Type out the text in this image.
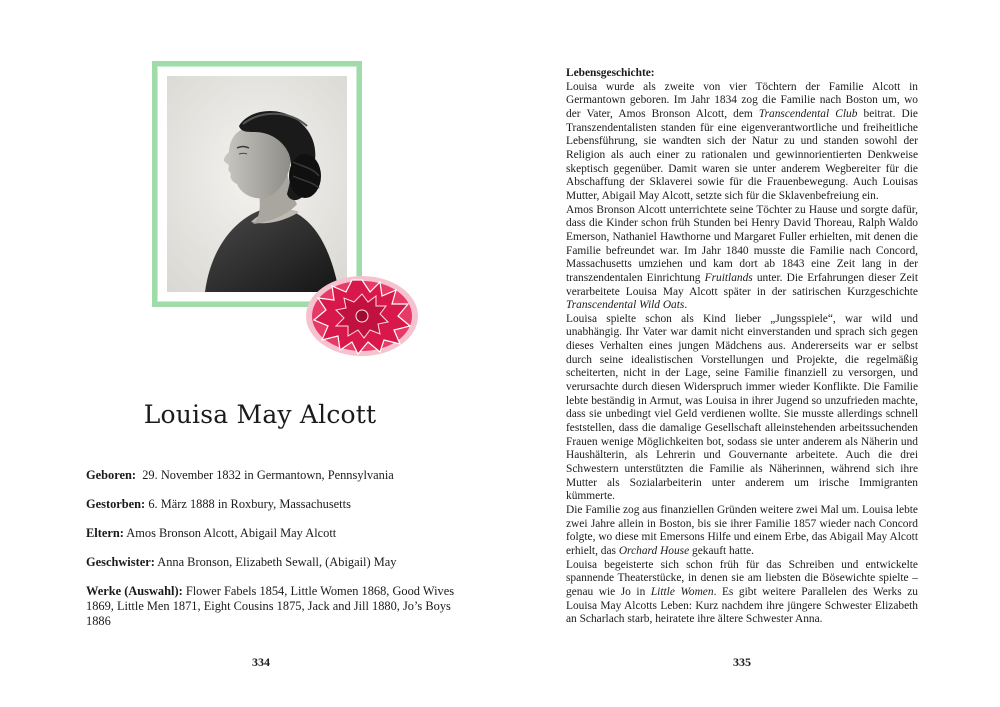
Louisa May Alcott

Geboren: 29. November 1832 in Germantown, Pennsylvania

Gestorben: 6. März 1888 in Roxbury, Massachusetts

Eltern: Amos Bronson Alcott, Abigail May Alcott

Geschwister: Anna Bronson, Elizabeth Sewall, (Abigail) May

Werke (Auswahl): Flower Fabels 1854, Little Women 1868, Good Wives 1869, Little Men 1871, Eight Cousins 1875, Jack and Jill 1880, Jo’s Boys 1886

334
Lebensgeschichte:

Louisa wurde als zweite von vier Töchtern der Familie Alcott in Germantown geboren. Im Jahr 1834 zog die Familie nach Boston um, wo der Vater, Amos Bronson Alcott, dem Transcendental Club beitrat. Die Transzendentalisten standen für eine eigenverantwortliche und freiheitliche Lebensführung, sie wandten sich der Natur zu und standen sowohl der Religion als auch einer zu rationalen und gewinnorientierten Denkweise skeptisch gegenüber. Damit waren sie unter anderem Wegbereiter für die Abschaffung der Sklaverei sowie für die Frauenbewegung. Auch Louisas Mutter, Abigail May Alcott, setzte sich für die Sklavenbefreiung ein.

Amos Bronson Alcott unterrichtete seine Töchter zu Hause und sorgte dafür, dass die Kinder schon früh Stunden bei Henry David Thoreau, Ralph Waldo Emerson, Nathaniel Hawthorne und Margaret Fuller erhielten, mit denen die Familie befreundet war. Im Jahr 1840 musste die Familie nach Concord, Massachusetts umziehen und kam dort ab 1843 eine Zeit lang in der transzendentalen Einrichtung Fruitlands unter. Die Erfahrungen dieser Zeit verarbeitete Louisa May Alcott später in der satirischen Kurzgeschichte Transcendental Wild Oats.

Louisa spielte schon als Kind lieber „Jungsspiele“, war wild und unabhängig. Ihr Vater war damit nicht einverstanden und sprach sich gegen dieses Verhalten eines jungen Mädchens aus. Andererseits war er selbst durch seine idealistischen Vorstellungen und Projekte, die regelmäßig scheiterten, nicht in der Lage, seine Familie finanziell zu versorgen, und verursachte durch diesen Widerspruch immer wieder Konflikte. Die Familie lebte beständig in Armut, was Louisa in ihrer Jugend so unzufrieden machte, dass sie unbedingt viel Geld verdienen wollte. Sie musste allerdings schnell feststellen, dass die damalige Gesellschaft alleinstehenden arbeitssuchenden Frauen wenige Möglichkeiten bot, sodass sie unter anderem als Näherin und Haushälterin, als Lehrerin und Gouvernante arbeitete. Auch die drei Schwestern unterstützten die Familie als Näherinnen, während sich ihre Mutter als Sozialarbeiterin unter anderem um irische Immigranten kümmerte.

Die Familie zog aus finanziellen Gründen weitere zwei Mal um. Louisa lebte zwei Jahre allein in Boston, bis sie ihrer Familie 1857 wieder nach Concord folgte, wo diese mit Emersons Hilfe und einem Erbe, das Abigail May Alcott erhielt, das Orchard House gekauft hatte.

Louisa begeisterte sich schon früh für das Schreiben und entwickelte spannende Theaterstücke, in denen sie am liebsten die Bösewichte spielte – genau wie Jo in Little Women. Es gibt weitere Parallelen des Werks zu Louisa May Alcotts Leben: Kurz nachdem ihre jüngere Schwester Elizabeth an Scharlach starb, heiratete ihre ältere Schwester Anna.

335
